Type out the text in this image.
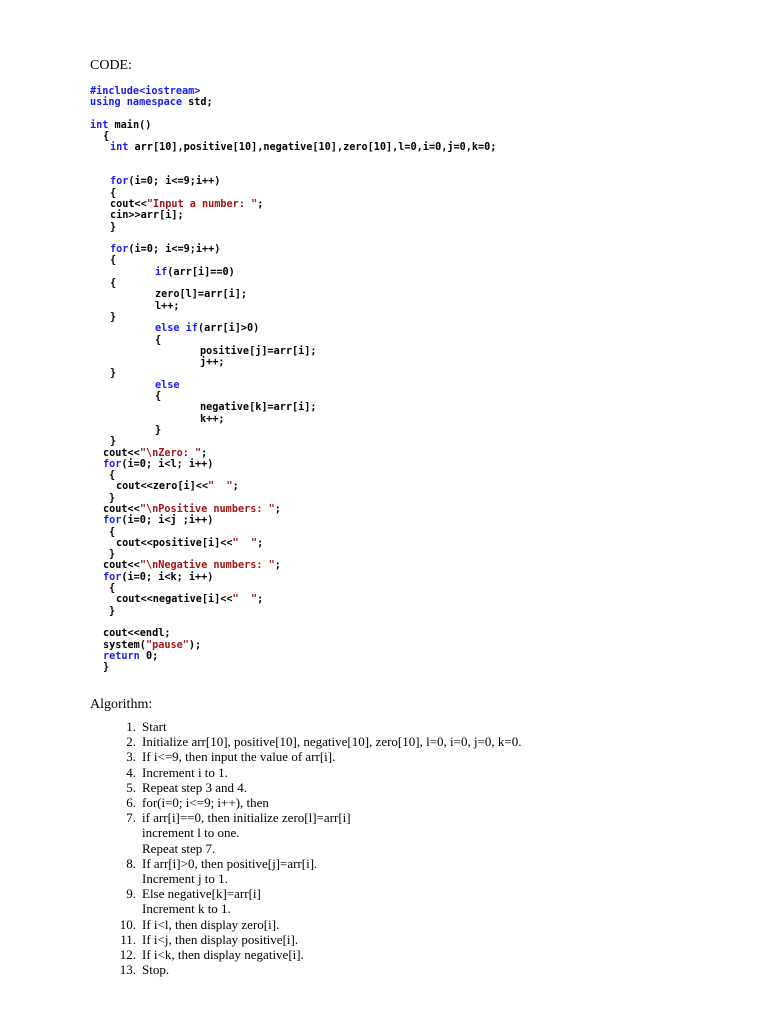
CODE:
#include<iostream>
using namespace std;
int main()
{
int arr[10],positive[10],negative[10],zero[10],l=0,i=0,j=0,k=0;
for(i=0; i<=9;i++)
{
cout<<"Input a number: ";
cin>>arr[i];
}
for(i=0; i<=9;i++)
{
if(arr[i]==0)
{
zero[l]=arr[i];
l++;
}
else if(arr[i]>0)
{
positive[j]=arr[i];
j++;
}
else
{
negative[k]=arr[i];
k++;
}
}
cout<<"\nZero: ";
for(i=0; i<l; i++)
{
cout<<zero[i]<<"  ";
}
cout<<"\nPositive numbers: ";
for(i=0; i<j ;i++)
{
cout<<positive[i]<<"  ";
}
cout<<"\nNegative numbers: ";
for(i=0; i<k; i++)
{
cout<<negative[i]<<"  ";
}
cout<<endl;
system("pause");
return 0;
}
Algorithm:
1. Start
2. Initialize arr[10], positive[10], negative[10], zero[10], l=0, i=0, j=0, k=0.
3. If i<=9, then input the value of arr[i].
4. Increment i to 1.
5. Repeat step 3 and 4.
6. for(i=0; i<=9; i++), then
7. if arr[i]==0, then initialize zero[l]=arr[i]
increment l to one.
Repeat step 7.
8. If arr[i]>0, then positive[j]=arr[i].
Increment j to 1.
9. Else negative[k]=arr[i]
Increment k to 1.
10. If i<l, then display zero[i].
11. If i<j, then display positive[i].
12. If i<k, then display negative[i].
13. Stop.
